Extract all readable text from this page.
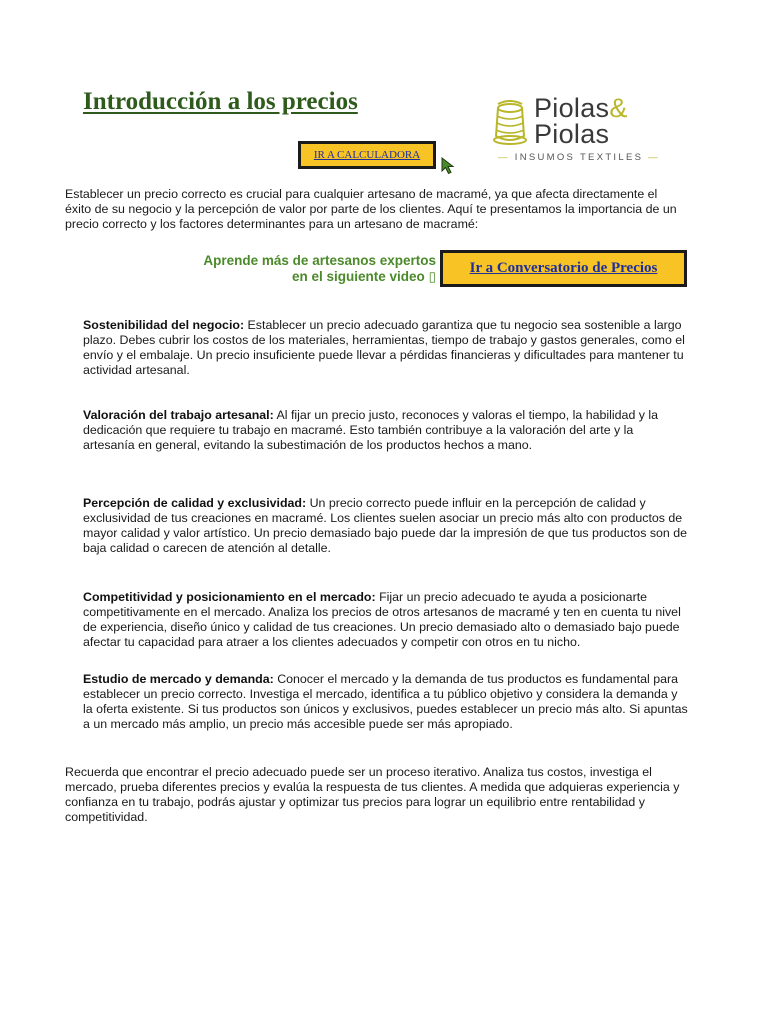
Introducción a los precios	Piolas&
Piolas
— INSUMOS TEXTILES —
IR A CALCULADORA

Establecer un precio correcto es crucial para cualquier artesano de macramé, ya que afecta directamente el éxito de su negocio y la percepción de valor por parte de los clientes. Aquí te presentamos la importancia de un precio correcto y los factores determinantes para un artesano de macramé:

Aprende más de artesanos expertos
en el siguiente video ▯
Ir a Conversatorio de Precios

Sostenibilidad del negocio: Establecer un precio adecuado garantiza que tu negocio sea sostenible a largo plazo. Debes cubrir los costos de los materiales, herramientas, tiempo de trabajo y gastos generales, como el envío y el embalaje. Un precio insuficiente puede llevar a pérdidas financieras y dificultades para mantener tu actividad artesanal.

Valoración del trabajo artesanal: Al fijar un precio justo, reconoces y valoras el tiempo, la habilidad y la dedicación que requiere tu trabajo en macramé. Esto también contribuye a la valoración del arte y la artesanía en general, evitando la subestimación de los productos hechos a mano.

Percepción de calidad y exclusividad: Un precio correcto puede influir en la percepción de calidad y exclusividad de tus creaciones en macramé. Los clientes suelen asociar un precio más alto con productos de mayor calidad y valor artístico. Un precio demasiado bajo puede dar la impresión de que tus productos son de baja calidad o carecen de atención al detalle.

Competitividad y posicionamiento en el mercado: Fijar un precio adecuado te ayuda a posicionarte competitivamente en el mercado. Analiza los precios de otros artesanos de macramé y ten en cuenta tu nivel de experiencia, diseño único y calidad de tus creaciones. Un precio demasiado alto o demasiado bajo puede afectar tu capacidad para atraer a los clientes adecuados y competir con otros en tu nicho.

Estudio de mercado y demanda: Conocer el mercado y la demanda de tus productos es fundamental para establecer un precio correcto. Investiga el mercado, identifica a tu público objetivo y considera la demanda y la oferta existente. Si tus productos son únicos y exclusivos, puedes establecer un precio más alto. Si apuntas a un mercado más amplio, un precio más accesible puede ser más apropiado.

Recuerda que encontrar el precio adecuado puede ser un proceso iterativo. Analiza tus costos, investiga el mercado, prueba diferentes precios y evalúa la respuesta de tus clientes. A medida que adquieras experiencia y confianza en tu trabajo, podrás ajustar y optimizar tus precios para lograr un equilibrio entre rentabilidad y competitividad.
